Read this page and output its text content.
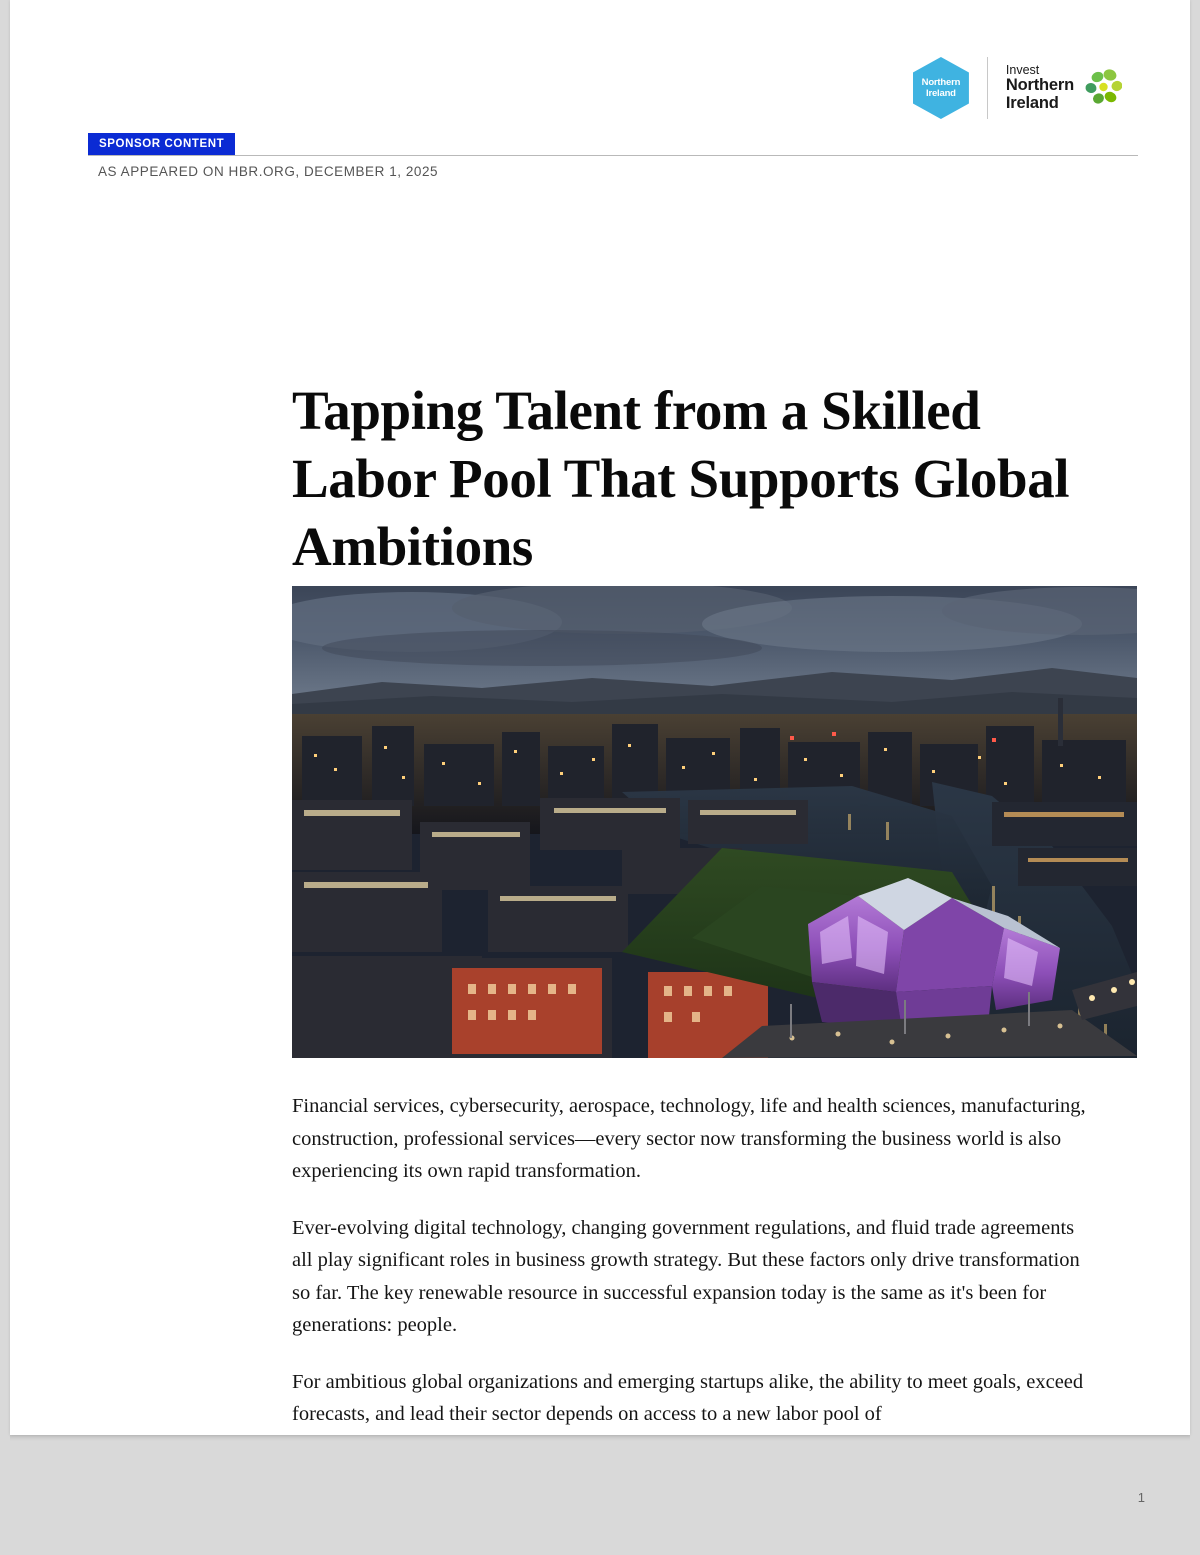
Northern
Ireland
Invest
Northern
Ireland
SPONSOR CONTENT
AS APPEARED ON HBR.ORG, DECEMBER 1, 2025
Tapping Talent from a Skilled Labor Pool That Supports Global Ambitions

Financial services, cybersecurity, aerospace, technology, life and health sciences, manufacturing, construction, professional services—every sector now transforming the business world is also experiencing its own rapid transformation.

Ever-evolving digital technology, changing government regulations, and fluid trade agreements all play significant roles in business growth strategy. But these factors only drive transformation so far. The key renewable resource in successful expansion today is the same as it's been for generations: people.

For ambitious global organizations and emerging startups alike, the ability to meet goals, exceed forecasts, and lead their sector depends on access to a new labor pool of

1
